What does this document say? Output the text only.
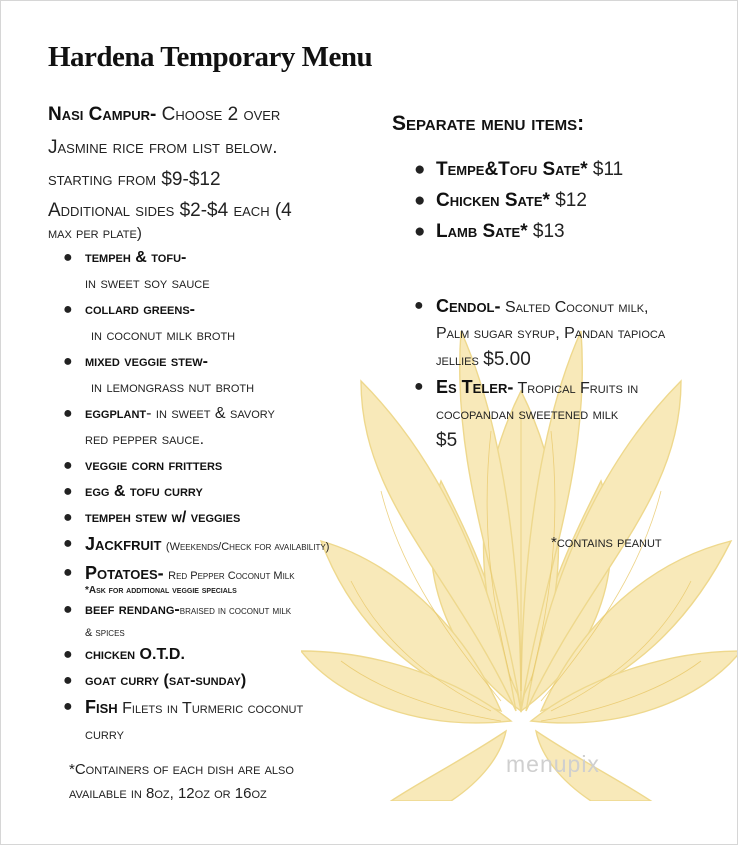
Hardena Temporary Menu
Nasi Campur- Choose 2 over
Jasmine rice from list below.
starting from $9-$12
Additional sides $2-$4 each (4
max per plate)
● tempeh & tofu-
in sweet soy sauce
● collard greens-
in coconut milk broth
● mixed veggie stew-
in lemongrass nut broth
● eggplant- in sweet & savory
red pepper sauce.
● veggie corn fritters
● egg & tofu curry
● tempeh stew w/ veggies
● Jackfruit (Weekends/Check for availability)
● Potatoes- Red Pepper Coconut Milk
*Ask for additional veggie specials
● beef rendang-braised in coconut milk
& spices
● chicken O.T.D.
● goat curry (sat-sunday)
● Fish Filets in Turmeric coconut
curry
*Containers of each dish are also
available in 8oz, 12oz or 16oz
Separate menu items:
● Tempe&Tofu Sate* $11
● Chicken Sate* $12
● Lamb Sate* $13
● Cendol- Salted Coconut milk,
Palm sugar syrup, Pandan tapioca
jellies $5.00
● Es Teler- Tropical Fruits in
cocopandan sweetened milk
$5
*contains peanut
menupix
